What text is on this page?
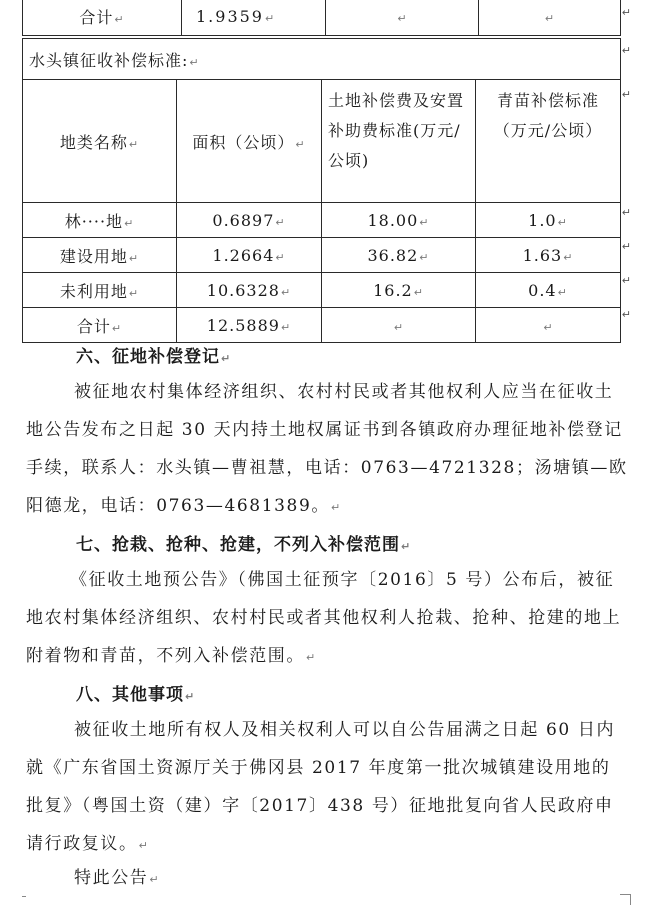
合计↵	1.9359↵	↵	↵	↵
水头镇征收补偿标准:↵			
地类名称↵	面积（公顷）↵	土地补偿费及安置补助费标准(万元/公顷)	青苗补偿标准（万元/公顷）

林····地↵	0.6897↵	18.00↵	1.0↵
建设用地↵	1.2664↵	36.82↵	1.63↵
未利用地↵	10.6328↵	16.2↵	0.4↵
合计↵	12.5889↵	↵	↵
↵
↵
↵
↵
↵
↵

六、征地补偿登记↵

被征地农村集体经济组织、农村村民或者其他权利人应当在征收土地公告发布之日起 30 天内持土地权属证书到各镇政府办理征地补偿登记手续，联系人：水头镇—曹祖慧，电话：0763—4721328；汤塘镇—欧阳德龙，电话：0763—4681389。↵

七、抢栽、抢种、抢建，不列入补偿范围↵

《征收土地预公告》（佛国土征预字〔2016〕5 号）公布后，被征地农村集体经济组织、农村村民或者其他权利人抢栽、抢种、抢建的地上附着物和青苗，不列入补偿范围。↵

八、其他事项↵

被征收土地所有权人及相关权利人可以自公告届满之日起 60 日内就《广东省国土资源厅关于佛冈县 2017 年度第一批次城镇建设用地的批复》（粤国土资（建）字〔2017〕438 号）征地批复向省人民政府申请行政复议。↵

特此公告↵
